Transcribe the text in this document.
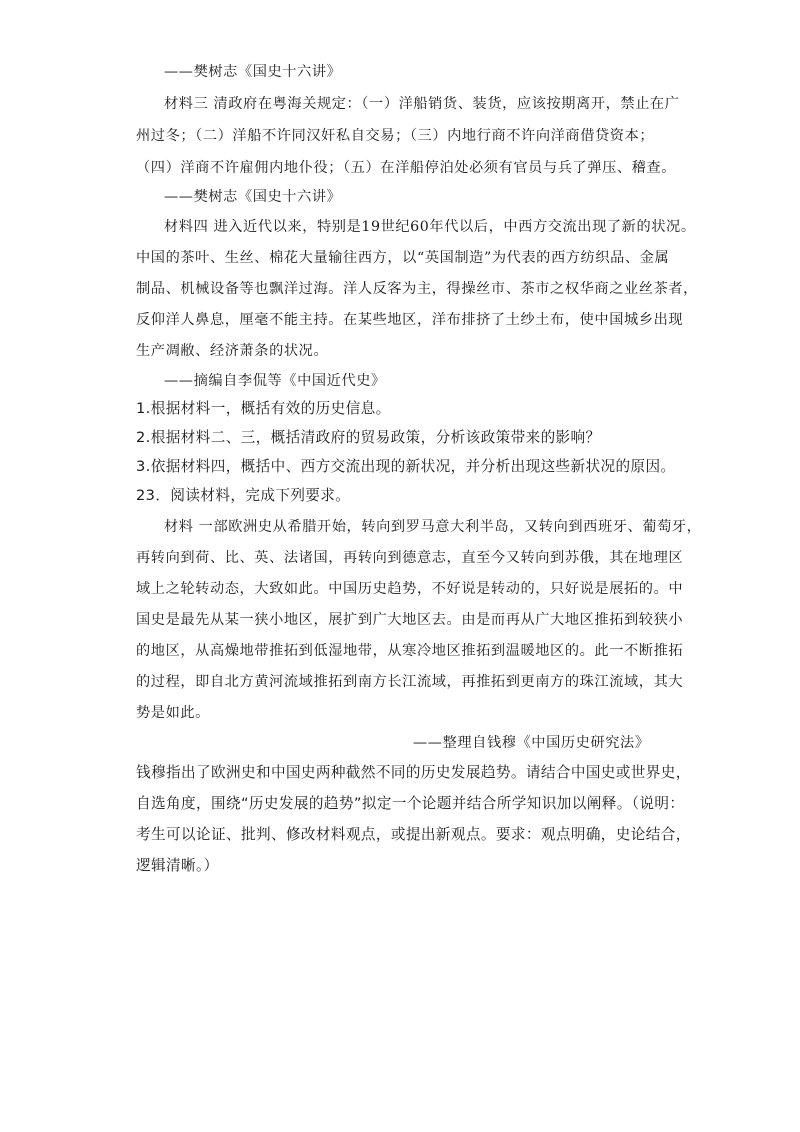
——樊树志《国史十六讲》
材料三 清政府在粤海关规定：（一）洋船销货、装货，应该按期离开，禁止在广
州过冬；（二）洋船不许同汉奸私自交易；（三）内地行商不许向洋商借贷资本；
（四）洋商不许雇佣内地仆役；（五）在洋船停泊处必须有官员与兵了弹压、稽查。
——樊树志《国史十六讲》
材料四 进入近代以来，特别是19世纪60年代以后，中西方交流出现了新的状况。
中国的茶叶、生丝、棉花大量输往西方，以“英国制造”为代表的西方纺织品、金属
制品、机械设备等也飘洋过海。洋人反客为主，得操丝市、茶市之权华商之业丝茶者，
反仰洋人鼻息，厘毫不能主持。在某些地区，洋布排挤了土纱土布，使中国城乡出现
生产凋敝、经济萧条的状况。
——摘编自李侃等《中国近代史》
1.根据材料一，概括有效的历史信息。
2.根据材料二、三，概括清政府的贸易政策，分析该政策带来的影响？
3.依据材料四，概括中、西方交流出现的新状况，并分析出现这些新状况的原因。
23．阅读材料，完成下列要求。
材料 一部欧洲史从希腊开始，转向到罗马意大利半岛，又转向到西班牙、葡萄牙，
再转向到荷、比、英、法诸国，再转向到德意志，直至今又转向到苏俄，其在地理区
域上之轮转动态，大致如此。中国历史趋势，不好说是转动的，只好说是展拓的。中
国史是最先从某一狭小地区，展扩到广大地区去。由是而再从广大地区推拓到较狭小
的地区，从高燥地带推拓到低湿地带，从寒冷地区推拓到温暖地区的。此一不断推拓
的过程，即自北方黄河流域推拓到南方长江流域，再推拓到更南方的珠江流域，其大
势是如此。
——整理自钱穆《中国历史研究法》
钱穆指出了欧洲史和中国史两种截然不同的历史发展趋势。请结合中国史或世界史，
自选角度，围绕“历史发展的趋势”拟定一个论题并结合所学知识加以阐释。（说明：
考生可以论证、批判、修改材料观点，或提出新观点。要求：观点明确，史论结合，
逻辑清晰。）
